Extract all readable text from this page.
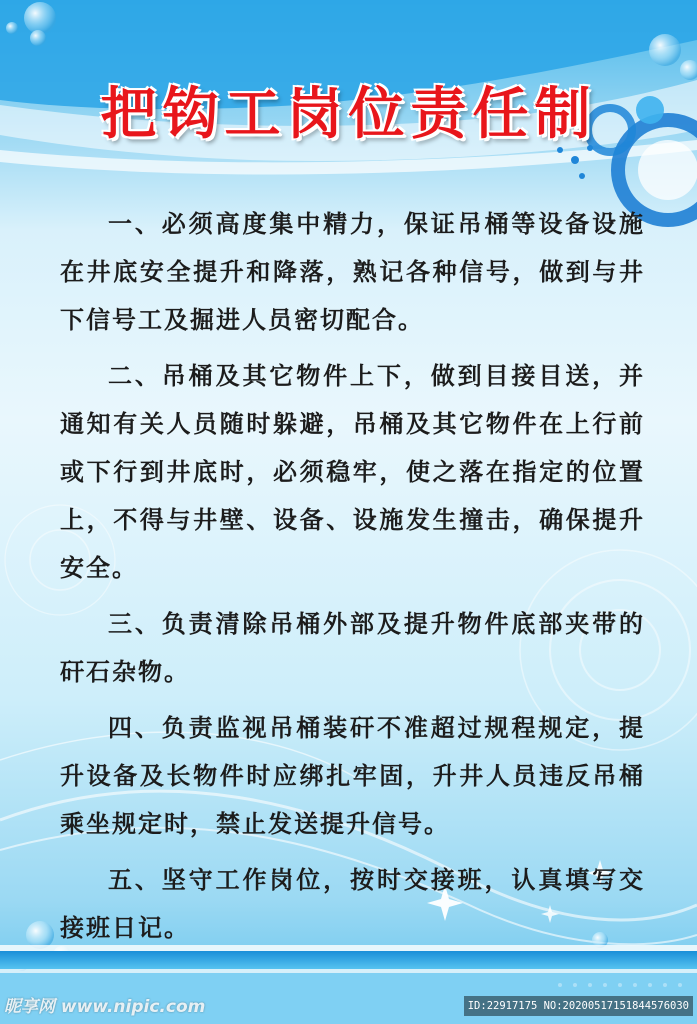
把钩工岗位责任制

一、必须高度集中精力，保证吊桶等设备设施在井底安全提升和降落，熟记各种信号，做到与井下信号工及掘进人员密切配合。

二、吊桶及其它物件上下，做到目接目送，并通知有关人员随时躲避，吊桶及其它物件在上行前或下行到井底时，必须稳牢，使之落在指定的位置上，不得与井壁、设备、设施发生撞击，确保提升安全。

三、负责清除吊桶外部及提升物件底部夹带的矸石杂物。

四、负责监视吊桶装矸不准超过规程规定，提升设备及长物件时应绑扎牢固，升井人员违反吊桶乘坐规定时，禁止发送提升信号。

五、坚守工作岗位，按时交接班，认真填写交接班日记。

昵享网 www.nipic.com	ID:22917175 NO:20200517151844576030
